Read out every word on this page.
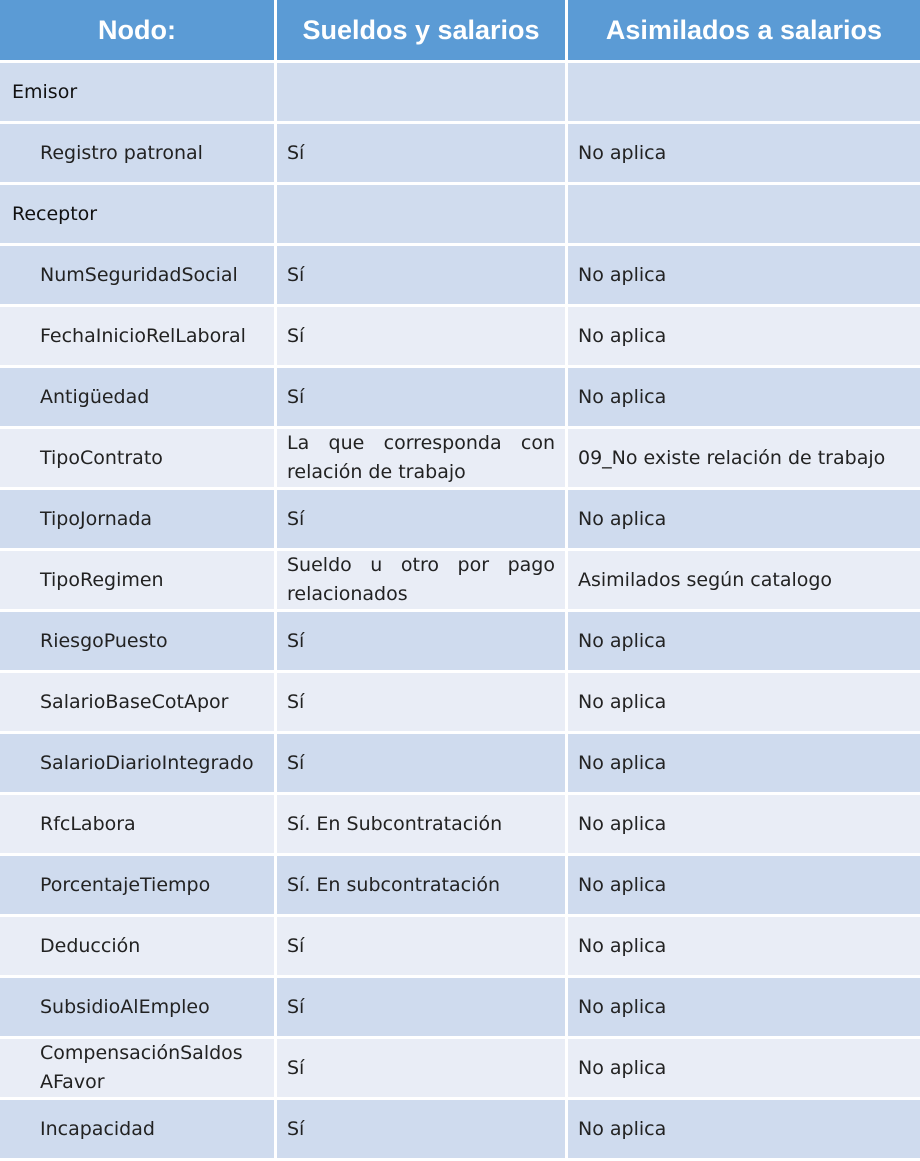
Nodo:	Sueldos y salarios	Asimilados a salarios
Emisor		
Registro patronal	Sí	No aplica
Receptor		
NumSeguridadSocial	Sí	No aplica
FechaInicioRelLaboral	Sí	No aplica
Antigüedad	Sí	No aplica
TipoContrato	La que corresponda con relación de trabajo	09_No existe relación de trabajo
TipoJornada	Sí	No aplica
TipoRegimen	Sueldo u otro por pago relacionados	Asimilados según catalogo
RiesgoPuesto	Sí	No aplica
SalarioBaseCotApor	Sí	No aplica
SalarioDiarioIntegrado	Sí	No aplica
RfcLabora	Sí. En Subcontratación	No aplica
PorcentajeTiempo	Sí. En subcontratación	No aplica
Deducción	Sí	No aplica
SubsidioAlEmpleo	Sí	No aplica
CompensaciónSaldos AFavor	Sí	No aplica
Incapacidad	Sí	No aplica
